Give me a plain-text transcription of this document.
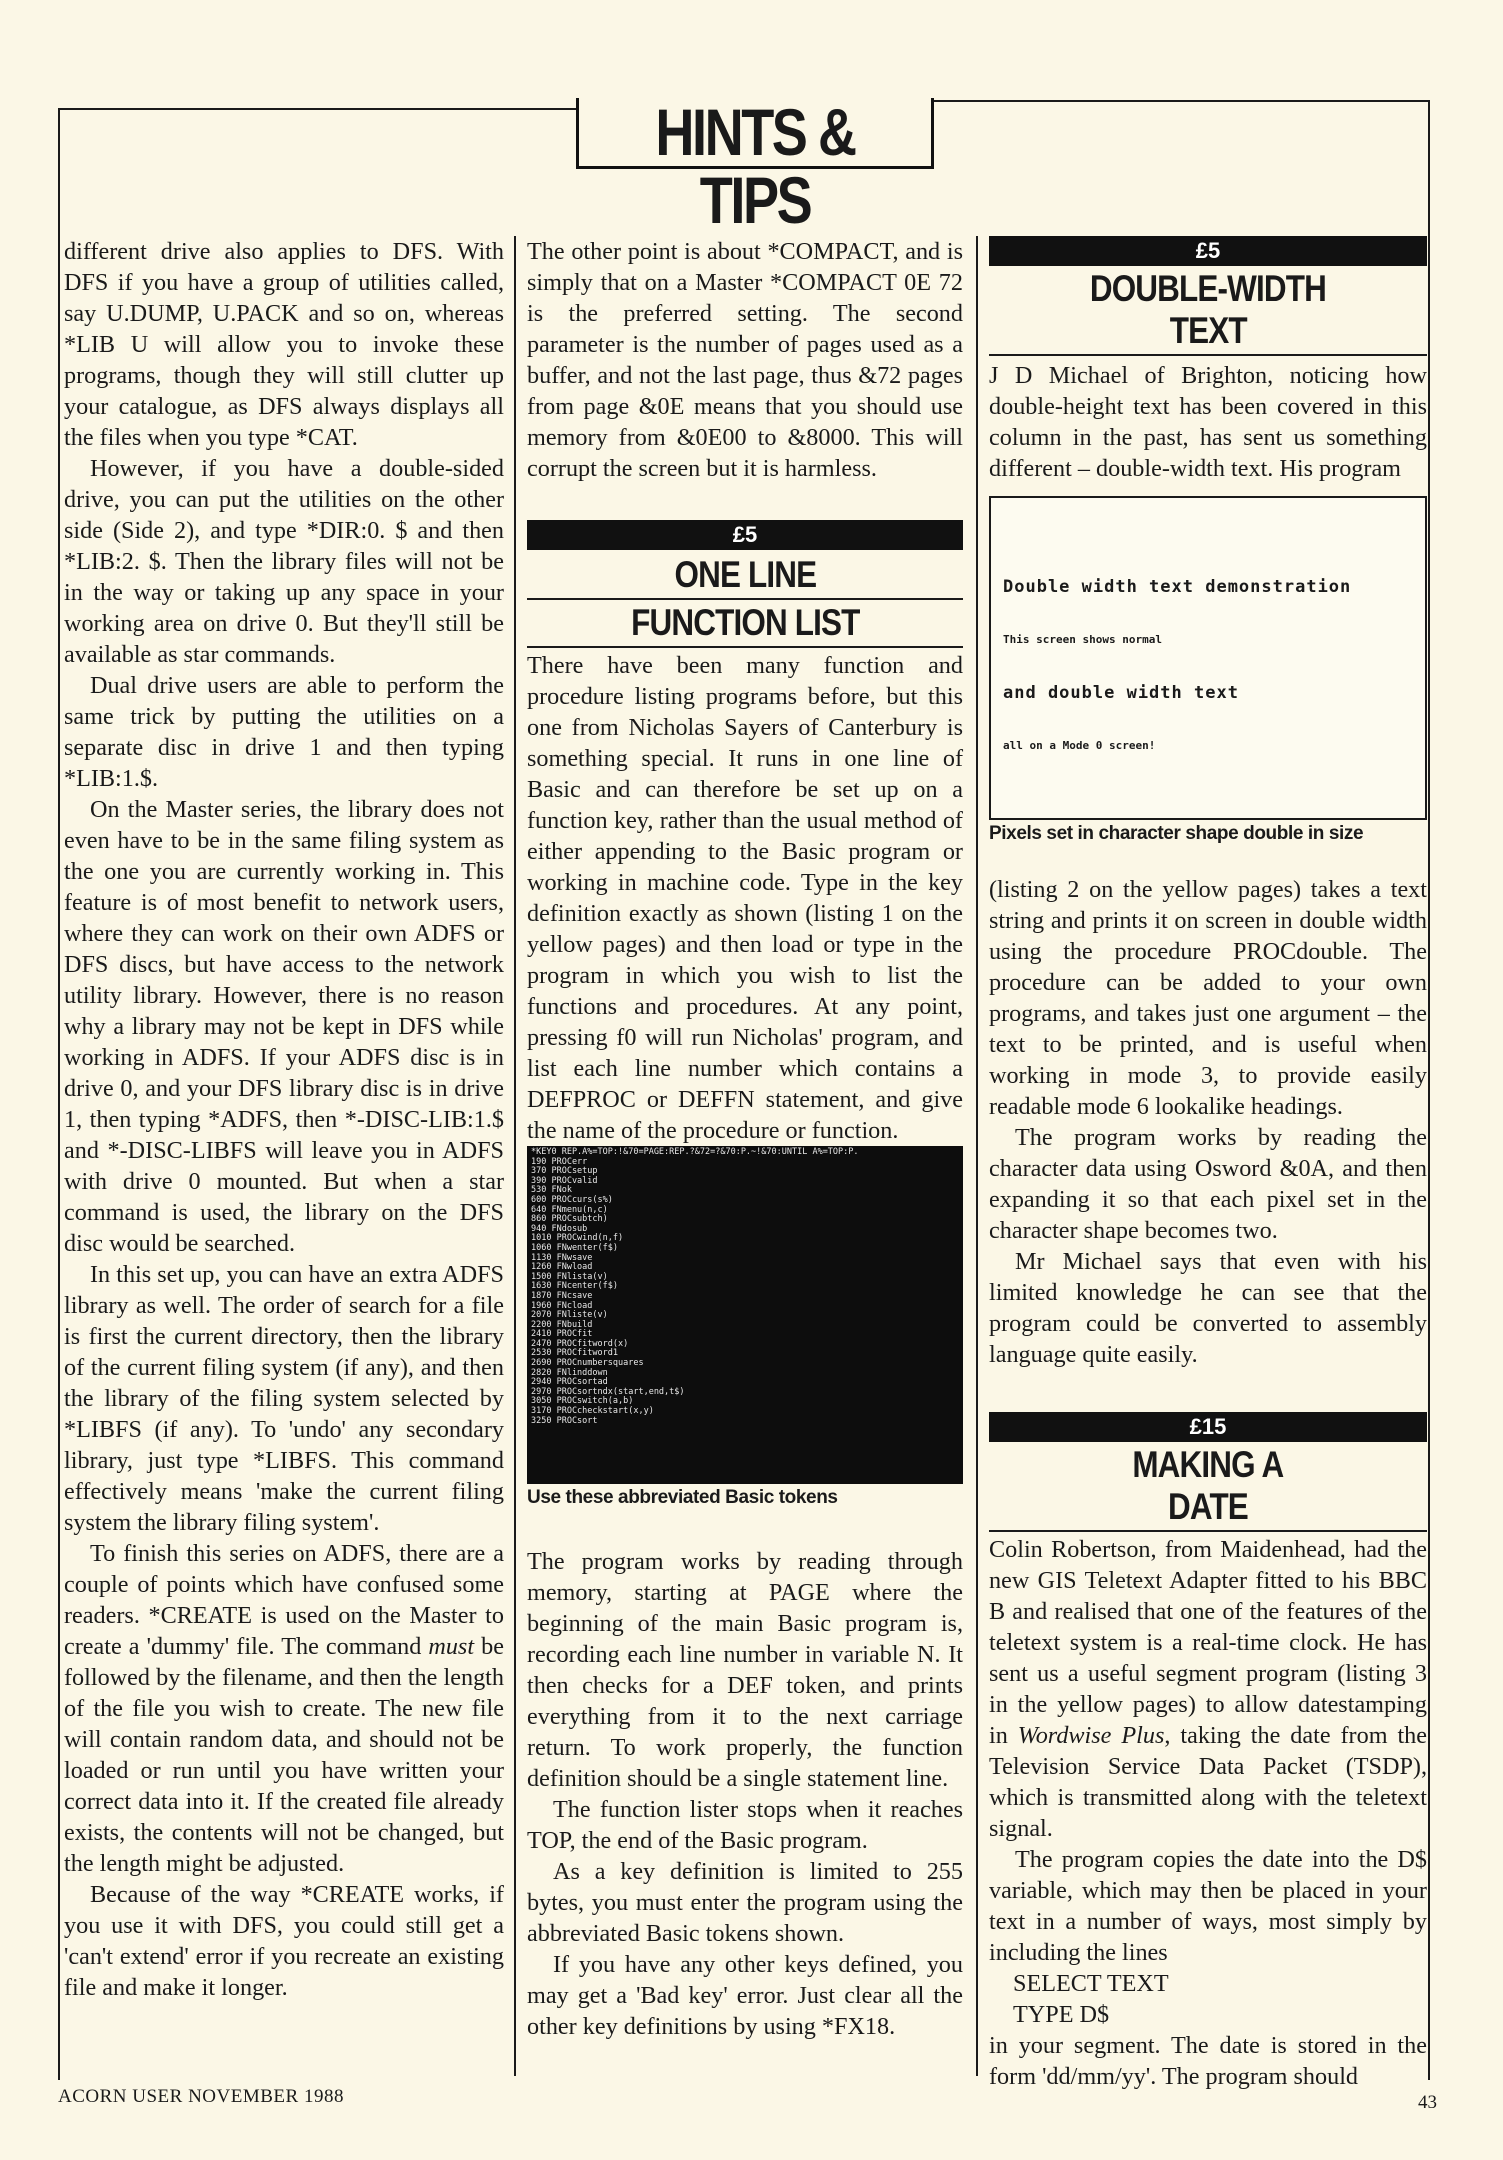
HINTS & TIPS

different drive also applies to DFS. With DFS if you have a group of utilities called, say U.DUMP, U.PACK and so on, whereas *LIB U will allow you to invoke these programs, though they will still clutter up your catalogue, as DFS always displays all the files when you type *CAT.

However, if you have a double-sided drive, you can put the utilities on the other side (Side 2), and type *DIR:0. $ and then *LIB:2. $. Then the library files will not be in the way or taking up any space in your working area on drive 0. But they'll still be available as star commands.

Dual drive users are able to perform the same trick by putting the utilities on a separate disc in drive 1 and then typing *LIB:1.$.

On the Master series, the library does not even have to be in the same filing system as the one you are currently working in. This feature is of most benefit to network users, where they can work on their own ADFS or DFS discs, but have access to the network utility library. However, there is no reason why a library may not be kept in DFS while working in ADFS. If your ADFS disc is in drive 0, and your DFS library disc is in drive 1, then typing *ADFS, then *-DISC-LIB:1.$ and *-DISC-LIBFS will leave you in ADFS with drive 0 mounted. But when a star command is used, the library on the DFS disc would be searched.

In this set up, you can have an extra ADFS library as well. The order of search for a file is first the current directory, then the library of the current filing system (if any), and then the library of the filing system selected by *LIBFS (if any). To 'undo' any secondary library, just type *LIBFS. This command effectively means 'make the current filing system the library filing system'.

To finish this series on ADFS, there are a couple of points which have confused some readers. *CREATE is used on the Master to create a 'dummy' file. The command must be followed by the filename, and then the length of the file you wish to create. The new file will contain random data, and should not be loaded or run until you have written your correct data into it. If the created file already exists, the contents will not be changed, but the length might be adjusted.

Because of the way *CREATE works, if you use it with DFS, you could still get a 'can't extend' error if you recreate an existing file and make it longer.

The other point is about *COMPACT, and is simply that on a Master *COMPACT 0E 72 is the preferred setting. The second parameter is the number of pages used as a buffer, and not the last page, thus &72 pages from page &0E means that you should use memory from &0E00 to &8000. This will corrupt the screen but it is harmless.

£5
ONE LINE
FUNCTION LIST

There have been many function and procedure listing programs before, but this one from Nicholas Sayers of Canterbury is something special. It runs in one line of Basic and can therefore be set up on a function key, rather than the usual method of either appending to the Basic program or working in machine code. Type in the key definition exactly as shown (listing 1 on the yellow pages) and then load or type in the program in which you wish to list the functions and procedures. At any point, pressing f0 will run Nicholas' program, and list each line number which contains a DEFPROC or DEFFN statement, and give the name of the procedure or function.

*KEY0 REP.A%=TOP:!&70=PAGE:REP.?&72=?&70:P.~!&70:UNTIL A%=TOP:P.
190 PROCerr
370 PROCsetup
390 PROCvalid
530 FNok
600 PROCcurs(s%)
640 FNmenu(n,c)
860 PROCsubtch)
940 FNdosub
1010 PROCwind(n,f)
1060 FNwenter(f$)
1130 FNwsave
1260 FNwload
1500 FNlista(v)
1630 FNcenter(f$)
1870 FNcsave
1960 FNcload
2070 FNliste(v)
2200 FNbuild
2410 PROCfit
2470 PROCfitword(x)
2530 PROCfitword1
2690 PROCnumbersquares
2820 FNlinddown
2940 PROCsortad
2970 PROCsortndx(start,end,t$)
3050 PROCswitch(a,b)
3170 PROCcheckstart(x,y)
3250 PROCsort
Use these abbreviated Basic tokens

The program works by reading through memory, starting at PAGE where the beginning of the main Basic program is, recording each line number in variable N. It then checks for a DEF token, and prints everything from it to the next carriage return. To work properly, the function definition should be a single statement line.

The function lister stops when it reaches TOP, the end of the Basic program.

As a key definition is limited to 255 bytes, you must enter the program using the abbreviated Basic tokens shown.

If you have any other keys defined, you may get a 'Bad key' error. Just clear all the other key definitions by using *FX18.

£5
DOUBLE-WIDTH
TEXT

J D Michael of Brighton, noticing how double-height text has been covered in this column in the past, has sent us something different – double-width text. His program

Double width text demonstration
This screen shows normal
and double width text
all on a Mode 0 screen!
Pixels set in character shape double in size

(listing 2 on the yellow pages) takes a text string and prints it on screen in double width using the procedure PROCdouble. The procedure can be added to your own programs, and takes just one argument – the text to be printed, and is useful when working in mode 3, to provide easily readable mode 6 lookalike headings.

The program works by reading the character data using Osword &0A, and then expanding it so that each pixel set in the character shape becomes two.

Mr Michael says that even with his limited knowledge he can see that the program could be converted to assembly language quite easily.

£15
MAKING A
DATE

Colin Robertson, from Maidenhead, had the new GIS Teletext Adapter fitted to his BBC B and realised that one of the features of the teletext system is a real-time clock. He has sent us a useful segment program (listing 3 in the yellow pages) to allow datestamping in Wordwise Plus, taking the date from the Television Service Data Packet (TSDP), which is transmitted along with the teletext signal.

The program copies the date into the D$ variable, which may then be placed in your text in a number of ways, most simply by including the lines

SELECT TEXT

TYPE D$

in your segment. The date is stored in the form 'dd/mm/yy'. The program should

ACORN USER NOVEMBER 1988	43
